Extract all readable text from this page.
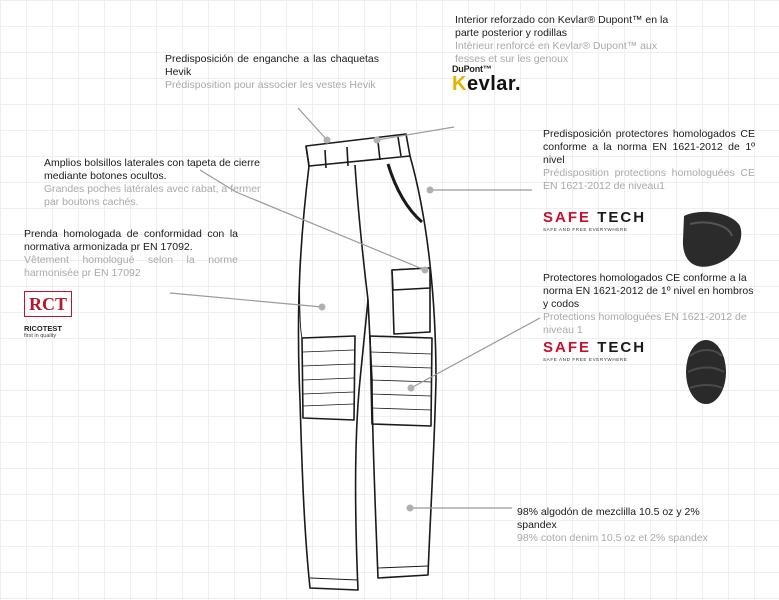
Predisposición de enganche a las chaquetas Hevik
Prédisposition pour associer les vestes Hevik
Interior reforzado con Kevlar® Dupont™ en la parte posterior y rodillas
Intérieur renforcé en Kevlar® Dupont™ aux fesses et sur les genoux
DuPont™
Kevlar.
Amplios bolsillos laterales con tapeta de cierre mediante botones ocultos.
Grandes poches latérales avec rabat, à fermer par boutons cachés.
Predisposición protectores homologados CE conforme a la norma EN 1621-2012 de 1º nivel
Prédisposition protections homologuées CE EN 1621-2012 de niveau1
SAFE TECH
SAFE AND FREE EVERYWHERE
Prenda homologada de conformidad con la normativa armonizada pr EN 17092.
Vêtement homologué selon la norme harmonisée pr EN 17092
RCT
RICOTEST
first in quality
Protectores homologados CE conforme a la norma EN 1621-2012 de 1º nivel en hombros y codos
Protections homologuées EN 1621-2012 de niveau 1
SAFE TECH
SAFE AND FREE EVERYWHERE
98% algodón de mezclilla 10.5 oz y 2% spandex
98% coton denim 10,5 oz et 2% spandex
